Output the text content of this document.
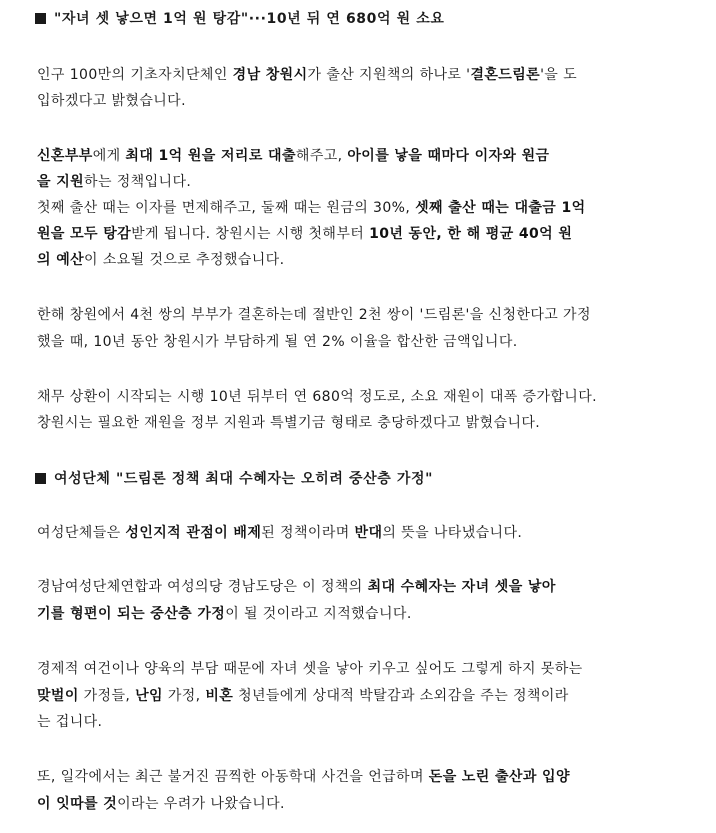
"자녀 셋 낳으면 1억 원 탕감"···10년 뒤 연 680억 원 소요
인구 100만의 기초자치단체인 경남 창원시가 출산 지원책의 하나로 '결혼드림론'을 도
입하겠다고 밝혔습니다.
신혼부부에게 최대 1억 원을 저리로 대출해주고, 아이를 낳을 때마다 이자와 원금
을 지원하는 정책입니다.
첫째 출산 때는 이자를 면제해주고, 둘째 때는 원금의 30%, 셋째 출산 때는 대출금 1억
원을 모두 탕감받게 됩니다. 창원시는 시행 첫해부터 10년 동안, 한 해 평균 40억 원
의 예산이 소요될 것으로 추정했습니다.
한해 창원에서 4천 쌍의 부부가 결혼하는데 절반인 2천 쌍이 '드림론'을 신청한다고 가정
했을 때, 10년 동안 창원시가 부담하게 될 연 2% 이율을 합산한 금액입니다.
채무 상환이 시작되는 시행 10년 뒤부터 연 680억 정도로, 소요 재원이 대폭 증가합니다.
창원시는 필요한 재원을 정부 지원과 특별기금 형태로 충당하겠다고 밝혔습니다.
여성단체 "드림론 정책 최대 수혜자는 오히려 중산층 가정"
여성단체들은 성인지적 관점이 배제된 정책이라며 반대의 뜻을 나타냈습니다.
경남여성단체연합과 여성의당 경남도당은 이 정책의 최대 수혜자는 자녀 셋을 낳아
기를 형편이 되는 중산층 가정이 될 것이라고 지적했습니다.
경제적 여건이나 양육의 부담 때문에 자녀 셋을 낳아 키우고 싶어도 그렇게 하지 못하는
맞벌이 가정들, 난임 가정, 비혼 청년들에게 상대적 박탈감과 소외감을 주는 정책이라
는 겁니다.
또, 일각에서는 최근 불거진 끔찍한 아동학대 사건을 언급하며 돈을 노린 출산과 입양
이 잇따를 것이라는 우려가 나왔습니다.
